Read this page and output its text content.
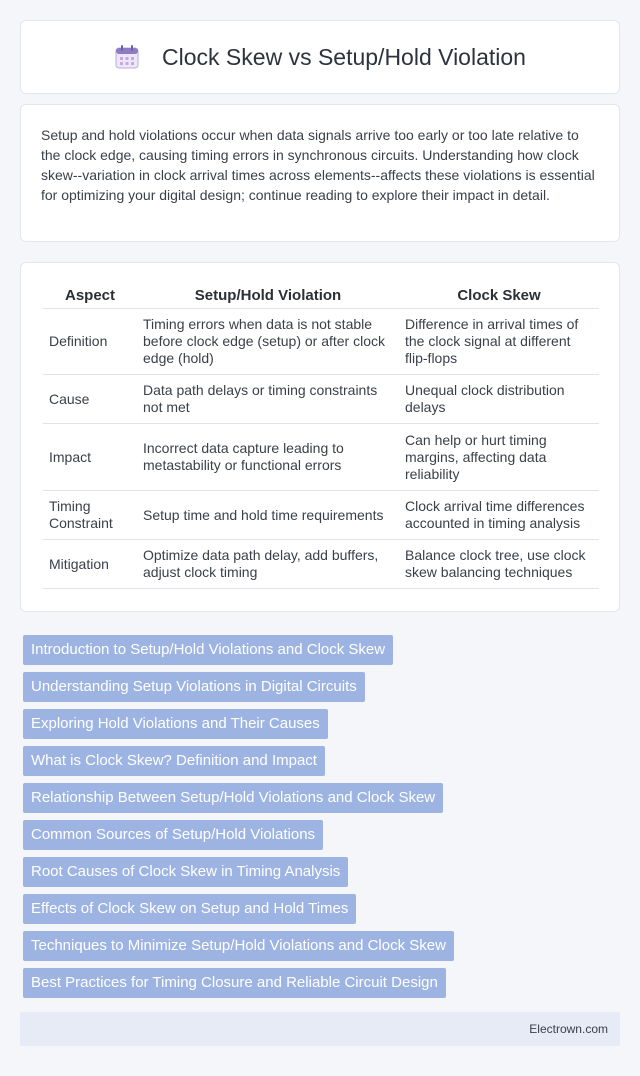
Clock Skew vs Setup/Hold Violation

Setup and hold violations occur when data signals arrive too early or too late relative to the clock edge, causing timing errors in synchronous circuits. Understanding how clock skew--variation in clock arrival times across elements--affects these violations is essential for optimizing your digital design; continue reading to explore their impact in detail.

Aspect	Setup/Hold Violation	Clock Skew
Definition	Timing errors when data is not stable before clock edge (setup) or after clock edge (hold)	Difference in arrival times of the clock signal at different flip-flops
Cause	Data path delays or timing constraints not met	Unequal clock distribution delays
Impact	Incorrect data capture leading to metastability or functional errors	Can help or hurt timing margins, affecting data reliability
Timing Constraint	Setup time and hold time requirements	Clock arrival time differences accounted in timing analysis
Mitigation	Optimize data path delay, add buffers, adjust clock timing	Balance clock tree, use clock skew balancing techniques
Introduction to Setup/Hold Violations and Clock Skew
Understanding Setup Violations in Digital Circuits
Exploring Hold Violations and Their Causes
What is Clock Skew? Definition and Impact
Relationship Between Setup/Hold Violations and Clock Skew
Common Sources of Setup/Hold Violations
Root Causes of Clock Skew in Timing Analysis
Effects of Clock Skew on Setup and Hold Times
Techniques to Minimize Setup/Hold Violations and Clock Skew
Best Practices for Timing Closure and Reliable Circuit Design
Electrown.com
